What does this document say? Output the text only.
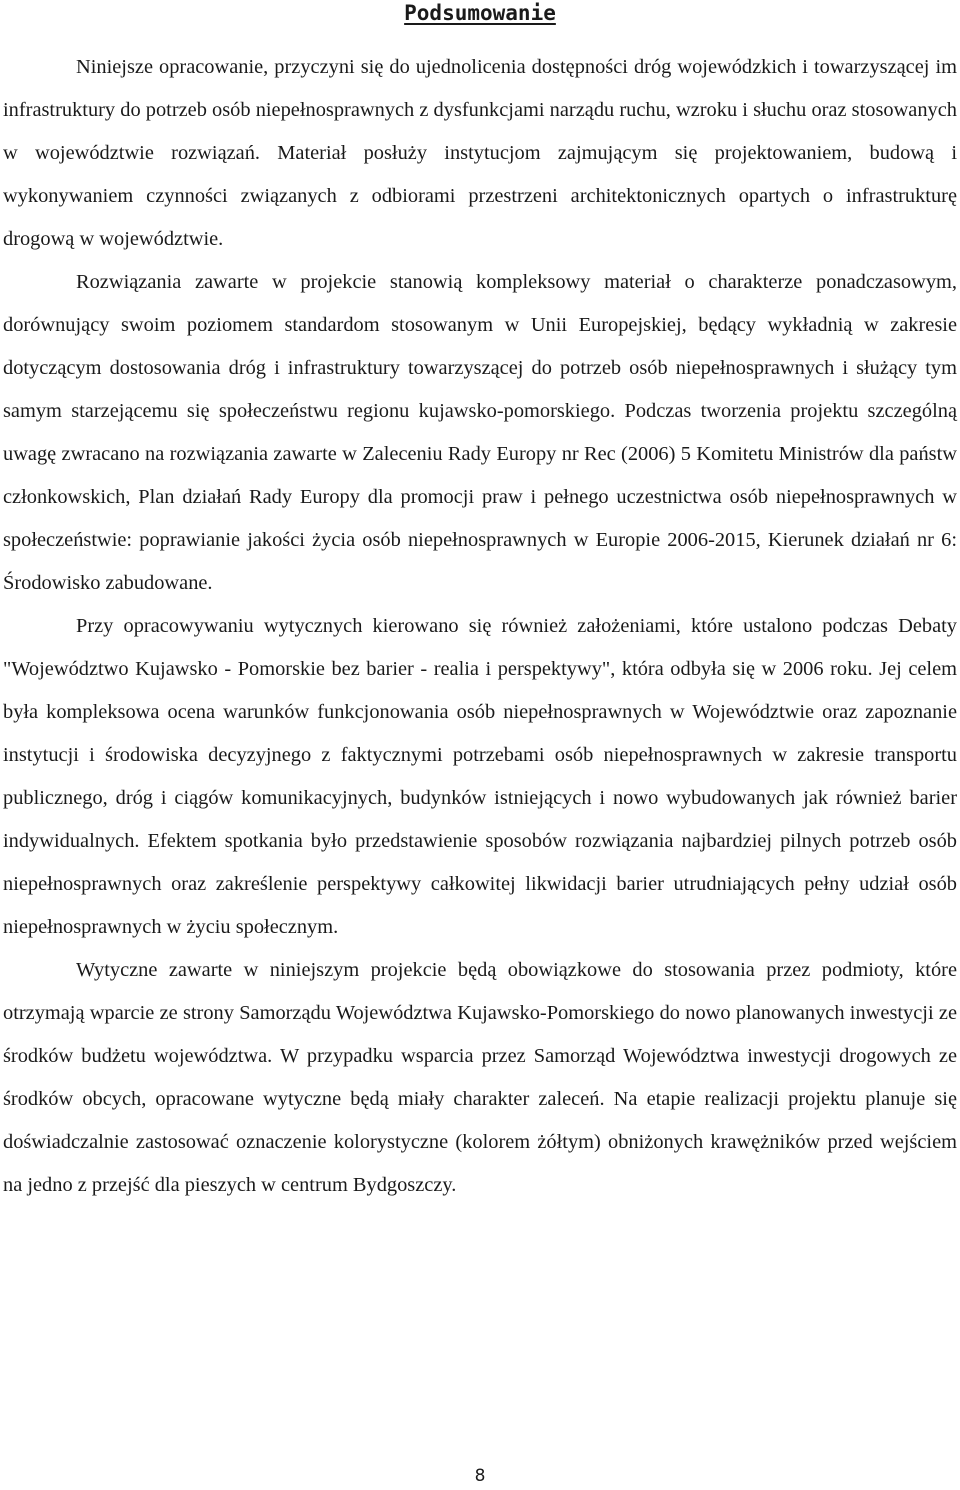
Podsumowanie

Niniejsze opracowanie, przyczyni się do ujednolicenia dostępności dróg wojewódzkich i towarzyszącej im infrastruktury do potrzeb osób niepełnosprawnych z dysfunkcjami narządu ruchu, wzroku i słuchu oraz stosowanych w województwie rozwiązań. Materiał posłuży instytucjom zajmującym się projektowaniem, budową i wykonywaniem czynności związanych z odbiorami przestrzeni architektonicznych opartych o infrastrukturę drogową w województwie.

Rozwiązania zawarte w projekcie stanowią kompleksowy materiał o charakterze ponadczasowym, dorównujący swoim poziomem standardom stosowanym w Unii Europejskiej, będący wykładnią w zakresie dotyczącym dostosowania dróg i infrastruktury towarzyszącej do potrzeb osób niepełnosprawnych i służący tym samym starzejącemu się społeczeństwu regionu kujawsko-pomorskiego. Podczas tworzenia projektu szczególną uwagę zwracano na rozwiązania zawarte w Zaleceniu Rady Europy nr Rec (2006) 5 Komitetu Ministrów dla państw członkowskich, Plan działań Rady Europy dla promocji praw i pełnego uczestnictwa osób niepełnosprawnych w społeczeństwie: poprawianie jakości życia osób niepełnosprawnych w Europie 2006-2015, Kierunek działań nr 6: Środowisko zabudowane.

Przy opracowywaniu wytycznych kierowano się również założeniami, które ustalono podczas Debaty "Województwo Kujawsko - Pomorskie bez barier - realia i perspektywy", która odbyła się w 2006 roku. Jej celem była kompleksowa ocena warunków funkcjonowania osób niepełnosprawnych w Województwie oraz zapoznanie instytucji i środowiska decyzyjnego z faktycznymi potrzebami osób niepełnosprawnych w zakresie transportu publicznego, dróg i ciągów komunikacyjnych, budynków istniejących i nowo wybudowanych jak również barier indywidualnych. Efektem spotkania było przedstawienie sposobów rozwiązania najbardziej pilnych potrzeb osób niepełnosprawnych oraz zakreślenie perspektywy całkowitej likwidacji barier utrudniających pełny udział osób niepełnosprawnych w życiu społecznym.

Wytyczne zawarte w niniejszym projekcie będą obowiązkowe do stosowania przez podmioty, które otrzymają wparcie ze strony Samorządu Województwa Kujawsko-Pomorskiego do nowo planowanych inwestycji ze środków budżetu województwa. W przypadku wsparcia przez Samorząd Województwa inwestycji drogowych ze środków obcych, opracowane wytyczne będą miały charakter zaleceń. Na etapie realizacji projektu planuje się doświadczalnie zastosować oznaczenie kolorystyczne (kolorem żółtym) obniżonych krawężników przed wejściem na jedno z przejść dla pieszych w centrum Bydgoszczy.

8
